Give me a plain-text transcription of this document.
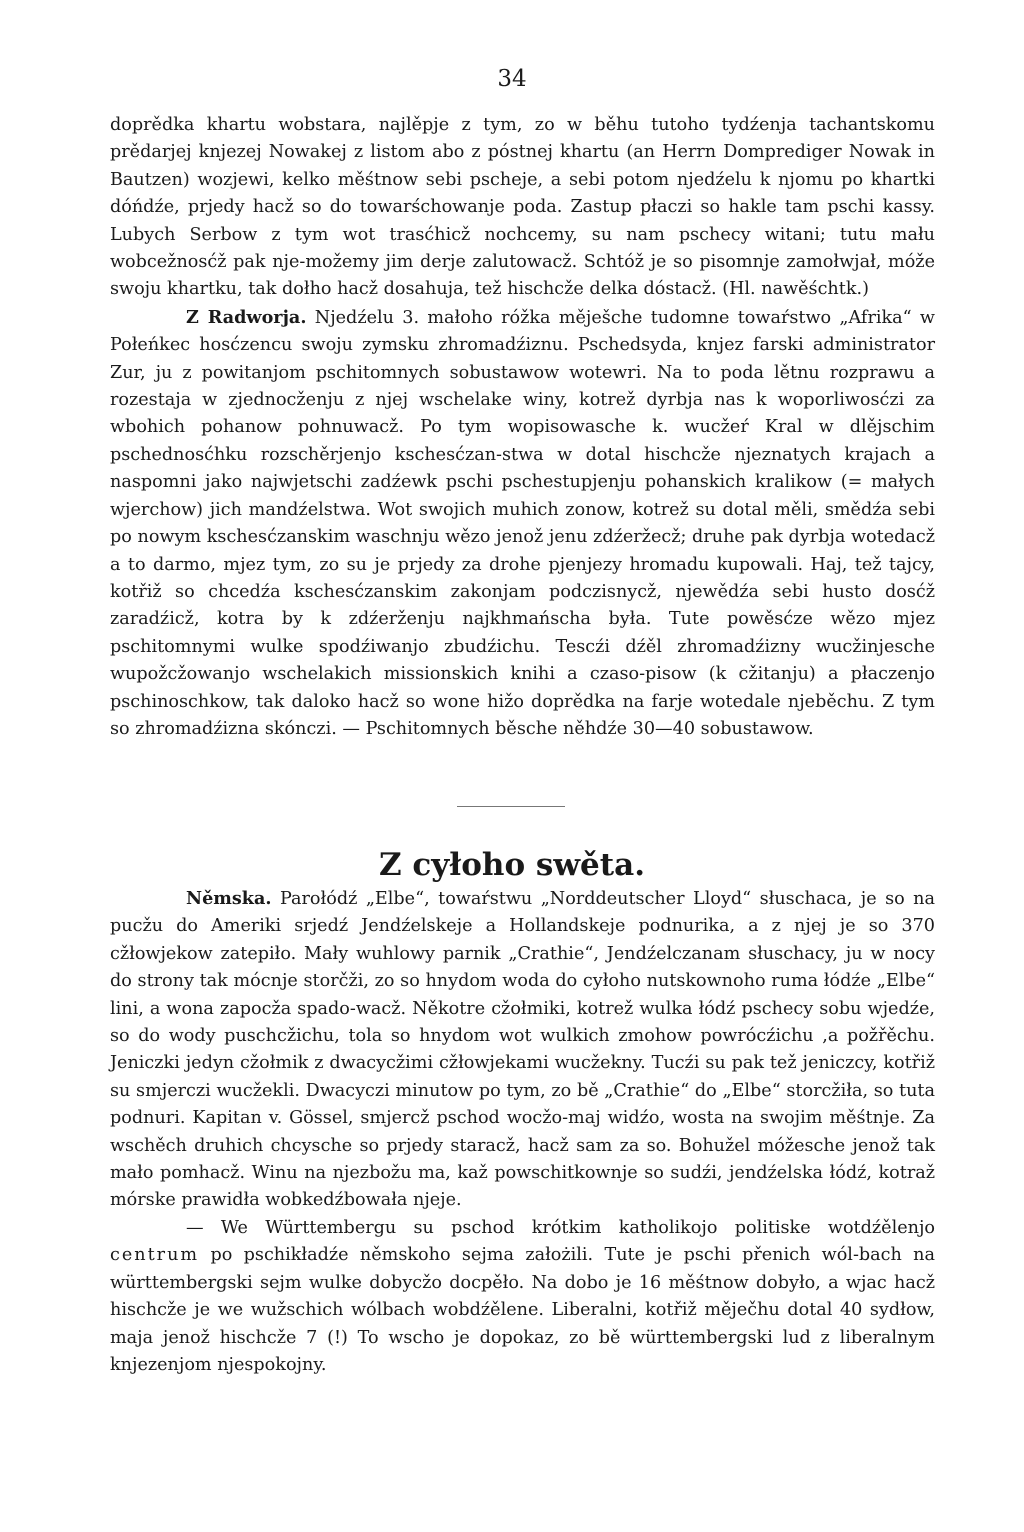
34

doprědka khartu wobstara, najlěpje z tym, zo w běhu tutoho tydźenja tachantskomu prědarjej knjezej Nowakej z listom abo z póstnej khartu (an Herrn Domprediger Nowak in Bautzen) wozjewi, kelko měśtnow sebi pscheje, a sebi potom njedźelu k njomu po khartki dóńdźe, prjedy hacž so do towarśchowanje poda. Zastup płaczi so hakle tam pschi kassy. Lubych Serbow z tym wot trasćhicž nochcemy, su nam pschecy witani; tutu mału wobcežnosćž pak nje-možemy jim derje zalutowacž. Schtóž je so pisomnje zamołwjał, móže swoju khartku, tak dołho hacž dosahuja, tež hischcže delka dóstacž. (Hl. nawěśchtk.)

Z Radworja. Njedźelu 3. małoho róžka měješche tudomne towaŕstwo „Afrika“ w Połeńkec hosćzencu swoju zymsku zhromadźiznu. Pschedsyda, knjez farski administrator Zur, ju z powitanjom pschitomnych sobustawow wotewri. Na to poda lětnu rozprawu a rozestaja w zjednocženju z njej wschelake winy, kotrež dyrbja nas k woporliwosćzi za wbohich pohanow pohnuwacž. Po tym wopisowasche k. wucžeŕ Kral w dlějschim pschednosćhku rozschěrjenjo kschesćzan-stwa w dotal hischcže njeznatych krajach a naspomni jako najwjetschi zadźewk pschi pschestupjenju pohanskich kralikow (= małych wjerchow) jich mandźelstwa. Wot swojich muhich zonow, kotrež su dotal měli, smědźa sebi po nowym kschesćzanskim waschnju wězo jenož jenu zdźeržecž; druhe pak dyrbja wotedacž a to darmo, mjez tym, zo su je prjedy za drohe pjenjezy hromadu kupowali. Haj, tež tajcy, kotřiž so chcedźa kschesćzanskim zakonjam podczisnycž, njewědźa sebi husto dosćž zaradźicž, kotra by k zdźerženju najkhmańscha była. Tute powěsćze wězo mjez pschitomnymi wulke spodźiwanjo zbudźichu. Tescźi dźěl zhromadźizny wucžinjesche wupožcžowanjo wschelakich missionskich knihi a czaso-pisow (k cžitanju) a płaczenjo pschinoschkow, tak daloko hacž so wone hižo doprědka na farje wotedale njeběchu. Z tym so zhromadźizna skónczi. — Pschitomnych běsche něhdźe 30—40 sobustawow.

Z cyłoho swěta.

Němska. Parołódź „Elbe“, towaŕstwu „Norddeutscher Lloyd“ słuschaca, je so na pucžu do Ameriki srjedź Jendźelskeje a Hollandskeje podnurika, a z njej je so 370 cžłowjekow zatepiło. Mały wuhlowy parnik „Crathie“, Jendźelczanam słuschacy, ju w nocy do strony tak mócnje storčži, zo so hnydom woda do cyłoho nutskownoho ruma łódźe „Elbe“ lini, a wona zapocža spado-wacž. Někotre cžołmiki, kotrež wulka łódź pschecy sobu wjedźe, so do wody puschcžichu, tola so hnydom wot wulkich zmohow powrócźichu ,a požřěchu. Jeniczki jedyn cžołmik z dwacycžimi cžłowjekami wucžekny. Tucźi su pak tež jeniczcy, kotřiž su smjerczi wucžekli. Dwacyczi minutow po tym, zo bě „Crathie“ do „Elbe“ storcžiła, so tuta podnuri. Kapitan v. Gössel, smjercž pschod wocžo-maj widźo, wosta na swojim měśtnje. Za wschěch druhich chcysche so prjedy staracž, hacž sam za so. Bohužel móžesche jenož tak mało pomhacž. Winu na njezbožu ma, kaž powschitkownje so sudźi, jendźelska łódź, kotraž mórske prawidła wobkedźbowała njeje.

— We Württembergu su pschod krótkim katholikojo politiske wotdźělenjo centrum po pschikładźe němskoho sejma założili. Tute je pschi přenich wól-bach na württembergski sejm wulke dobycžo docpěło. Na dobo je 16 měśtnow dobyło, a wjac hacž hischcže je we wužschich wólbach wobdźělene. Liberalni, kotřiž měječhu dotal 40 sydłow, maja jenož hischcže 7 (!) To wscho je dopokaz, zo bě württembergski lud z liberalnym knjezenjom njespokojny.
